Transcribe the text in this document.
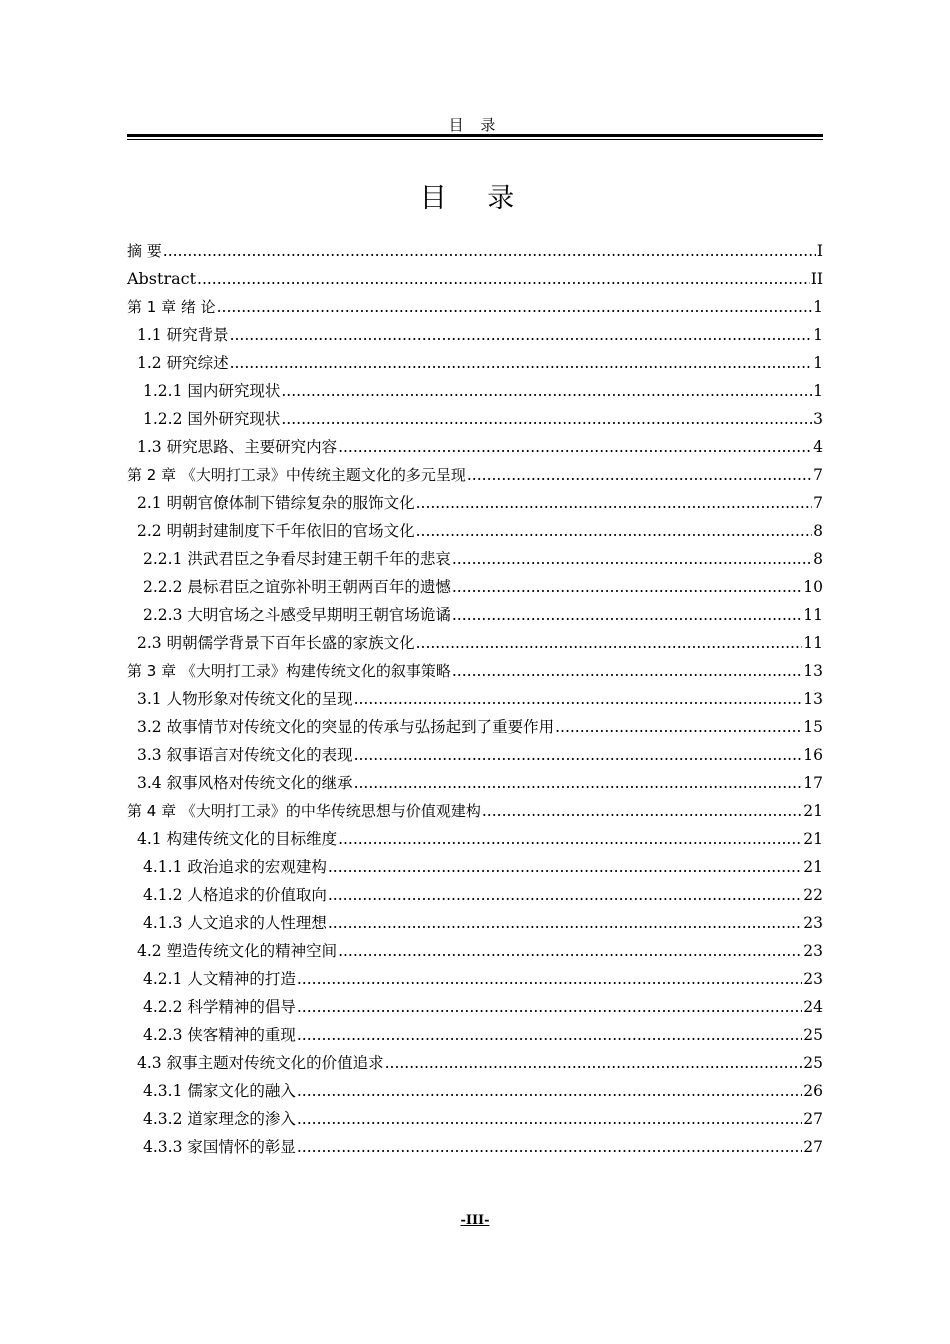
目 录
目 录
摘 要 .....	I
Abstract .....	II
第 1 章 绪 论 .....	1
1.1 研究背景 .....	1
1.2 研究综述 .....	1
1.2.1 国内研究现状 .....	1
1.2.2 国外研究现状 .....	3
1.3 研究思路、主要研究内容 .....	4
第 2 章 《大明打工录》中传统主题文化的多元呈现 .....	7
2.1 明朝官僚体制下错综复杂的服饰文化 .....	7
2.2 明朝封建制度下千年依旧的官场文化 .....	8
2.2.1 洪武君臣之争看尽封建王朝千年的悲哀 .....	8
2.2.2 晨标君臣之谊弥补明王朝两百年的遗憾 .....	10
2.2.3 大明官场之斗感受早期明王朝官场诡谲 .....	11
2.3 明朝儒学背景下百年长盛的家族文化 .....	11
第 3 章 《大明打工录》构建传统文化的叙事策略 .....	13
3.1 人物形象对传统文化的呈现 .....	13
3.2 故事情节对传统文化的突显的传承与弘扬起到了重要作用 .....	15
3.3 叙事语言对传统文化的表现 .....	16
3.4 叙事风格对传统文化的继承 .....	17
第 4 章 《大明打工录》的中华传统思想与价值观建构 .....	21
4.1 构建传统文化的目标维度 .....	21
4.1.1 政治追求的宏观建构 .....	21
4.1.2 人格追求的价值取向 .....	22
4.1.3 人文追求的人性理想 .....	23
4.2 塑造传统文化的精神空间 .....	23
4.2.1 人文精神的打造 .....	23
4.2.2 科学精神的倡导 .....	24
4.2.3 侠客精神的重现 .....	25
4.3 叙事主题对传统文化的价值追求 .....	25
4.3.1 儒家文化的融入 .....	26
4.3.2 道家理念的渗入 .....	27
4.3.3 家国情怀的彰显 .....	27
-III-
